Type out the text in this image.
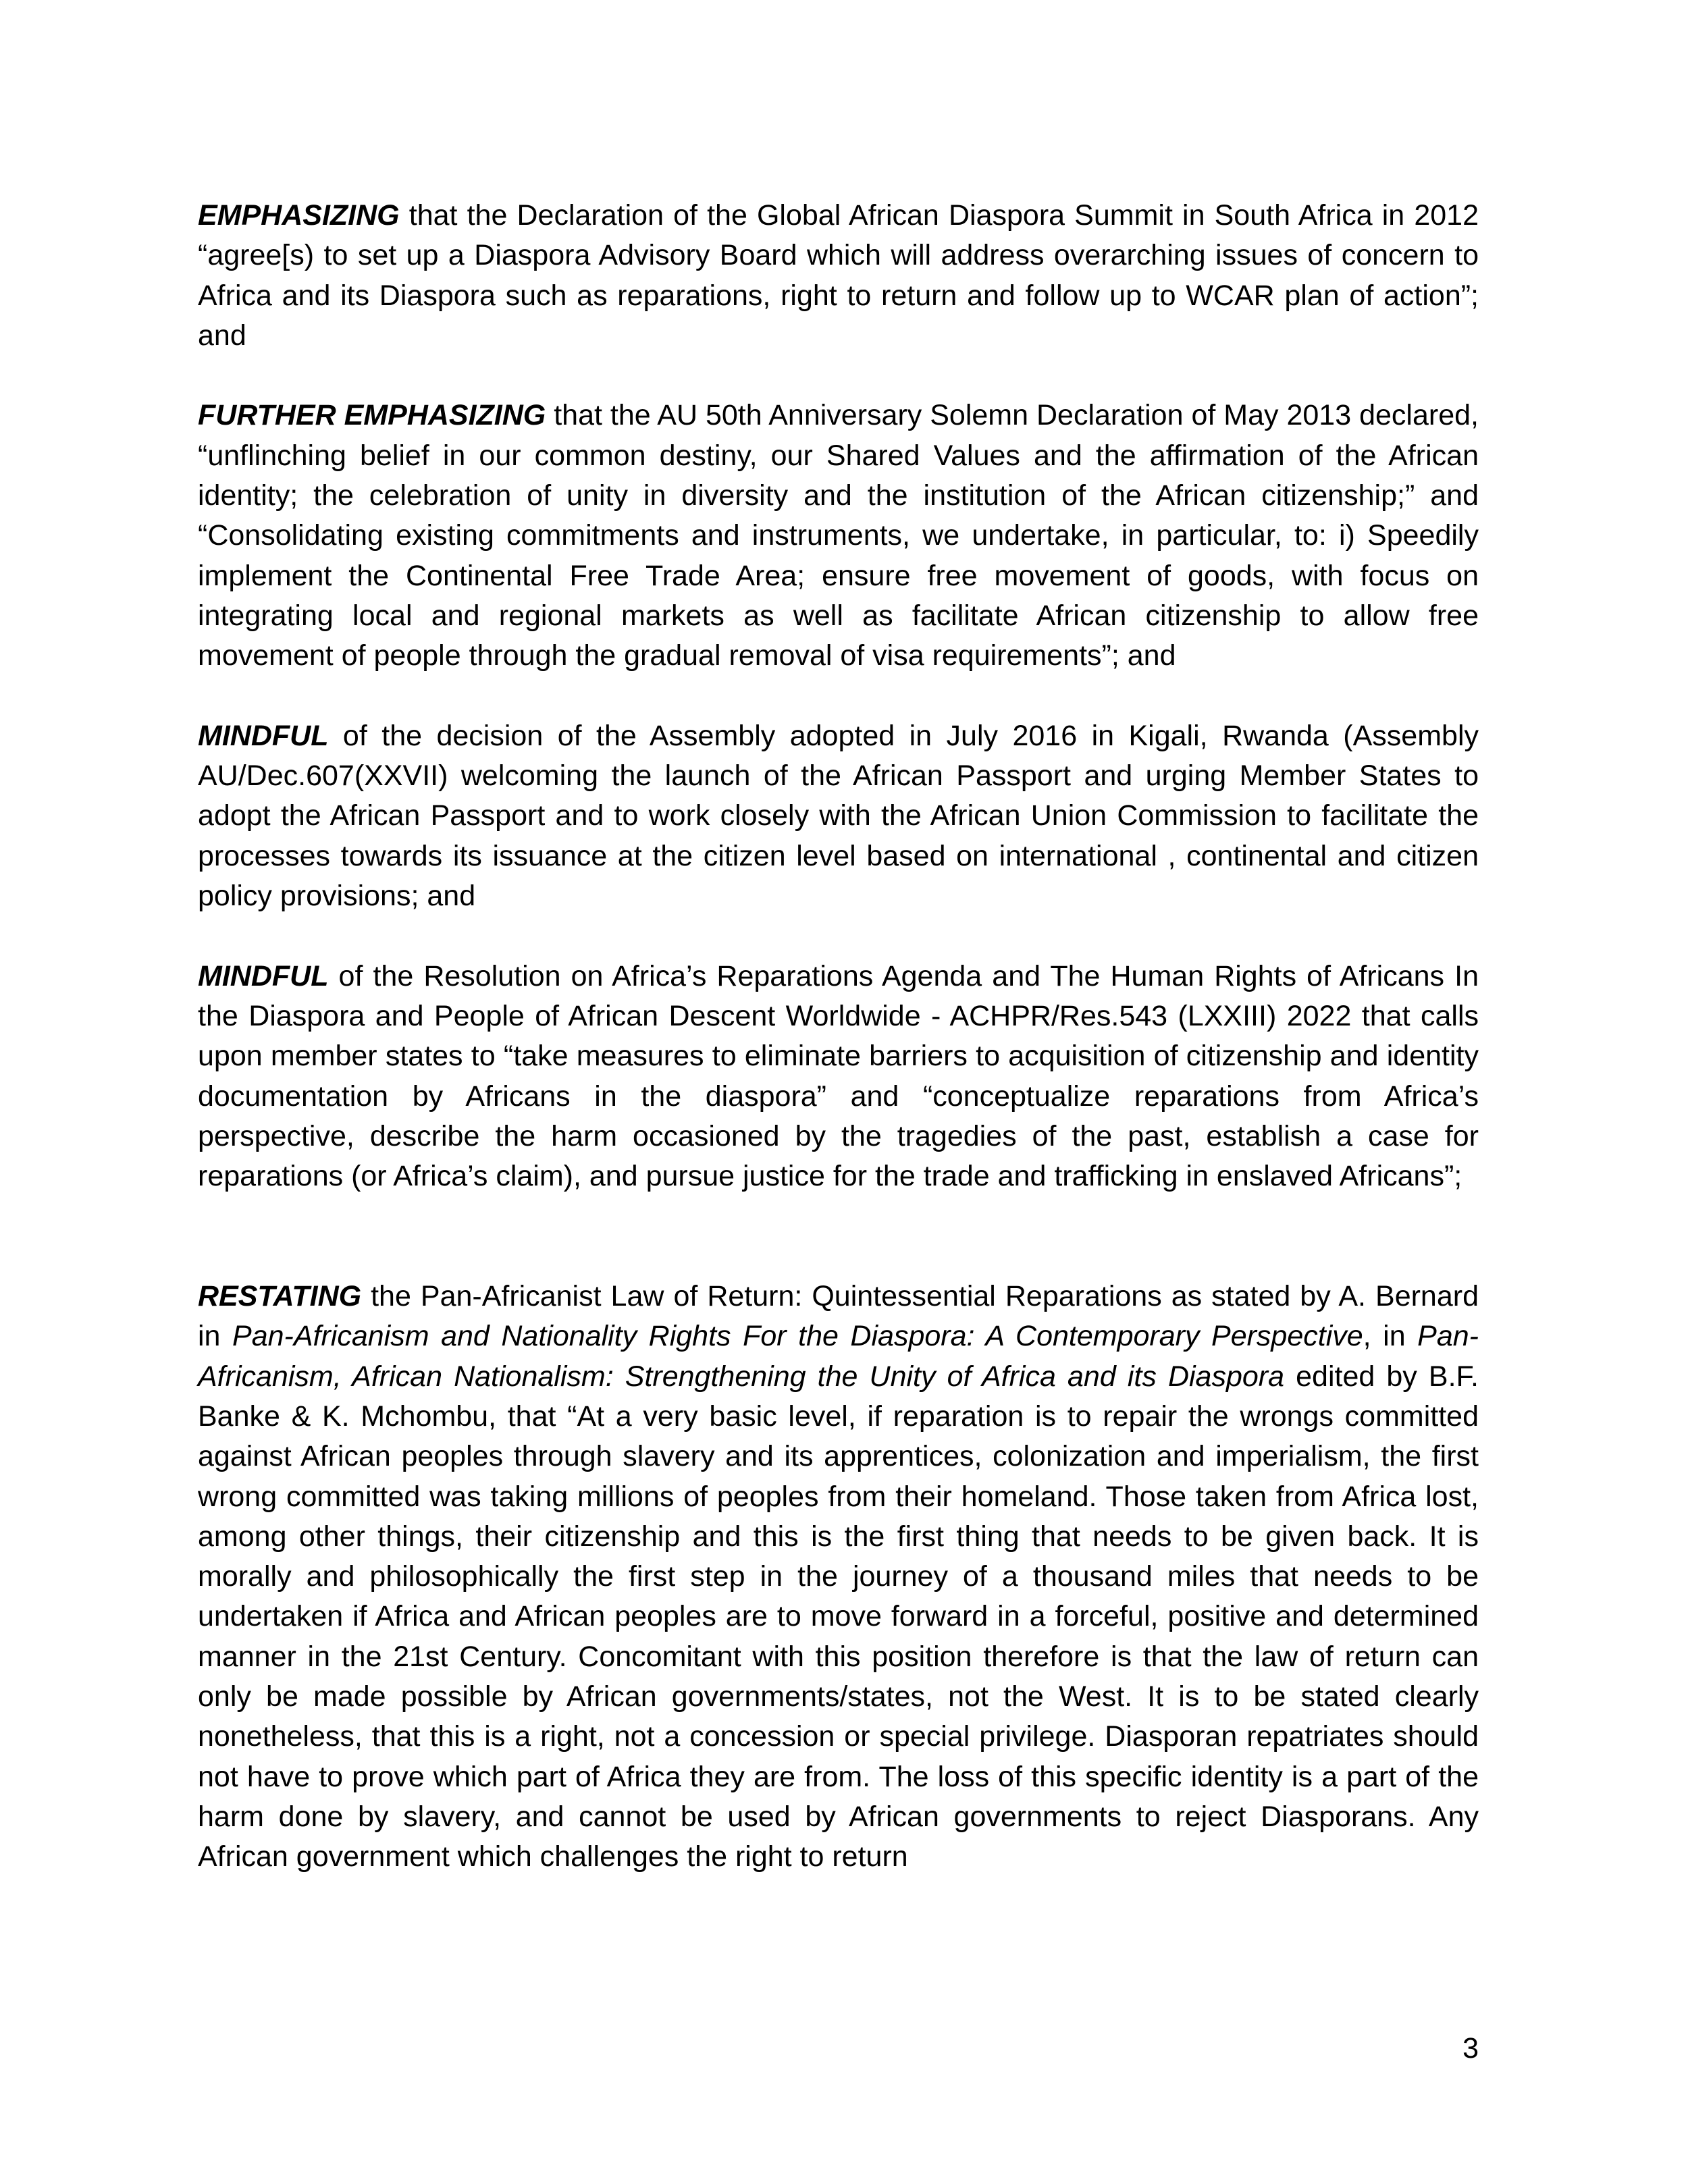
EMPHASIZING that the Declaration of the Global African Diaspora Summit in South Africa in 2012 “agree[s) to set up a Diaspora Advisory Board which will address overarching issues of concern to Africa and its Diaspora such as reparations, right to return and follow up to WCAR plan of action”; and

FURTHER EMPHASIZING that the AU 50th Anniversary Solemn Declaration of May 2013 declared, “unflinching belief in our common destiny, our Shared Values and the affirmation of the African identity; the celebration of unity in diversity and the institution of the African citizenship;” and “Consolidating existing commitments and instruments, we undertake, in particular, to: i) Speedily implement the Continental Free Trade Area; ensure free movement of goods, with focus on integrating local and regional markets as well as facilitate African citizenship to allow free movement of people through the gradual removal of visa requirements”; and

MINDFUL of the decision of the Assembly adopted in July 2016 in Kigali, Rwanda (Assembly AU/Dec.607(XXVII) welcoming the launch of the African Passport and urging Member States to adopt the African Passport and to work closely with the African Union Commission to facilitate the processes towards its issuance at the citizen level based on international , continental and citizen policy provisions; and

MINDFUL of the Resolution on Africa’s Reparations Agenda and The Human Rights of Africans In the Diaspora and People of African Descent Worldwide - ACHPR/Res.543 (LXXIII) 2022 that calls upon member states to “take measures to eliminate barriers to acquisition of citizenship and identity documentation by Africans in the diaspora” and “conceptualize reparations from Africa’s perspective, describe the harm occasioned by the tragedies of the past, establish a case for reparations (or Africa’s claim), and pursue justice for the trade and trafficking in enslaved Africans”;

RESTATING the Pan-Africanist Law of Return: Quintessential Reparations as stated by A. Bernard in Pan-Africanism and Nationality Rights For the Diaspora: A Contemporary Perspective, in Pan-Africanism, African Nationalism: Strengthening the Unity of Africa and its Diaspora edited by B.F. Banke & K. Mchombu, that “At a very basic level, if reparation is to repair the wrongs committed against African peoples through slavery and its apprentices, colonization and imperialism, the first wrong committed was taking millions of peoples from their homeland. Those taken from Africa lost, among other things, their citizenship and this is the first thing that needs to be given back. It is morally and philosophically the first step in the journey of a thousand miles that needs to be undertaken if Africa and African peoples are to move forward in a forceful, positive and determined manner in the 21st Century. Concomitant with this position therefore is that the law of return can only be made possible by African governments/states, not the West. It is to be stated clearly nonetheless, that this is a right, not a concession or special privilege. Diasporan repatriates should not have to prove which part of Africa they are from. The loss of this specific identity is a part of the harm done by slavery, and cannot be used by African governments to reject Diasporans. Any African government which challenges the right to return

3
